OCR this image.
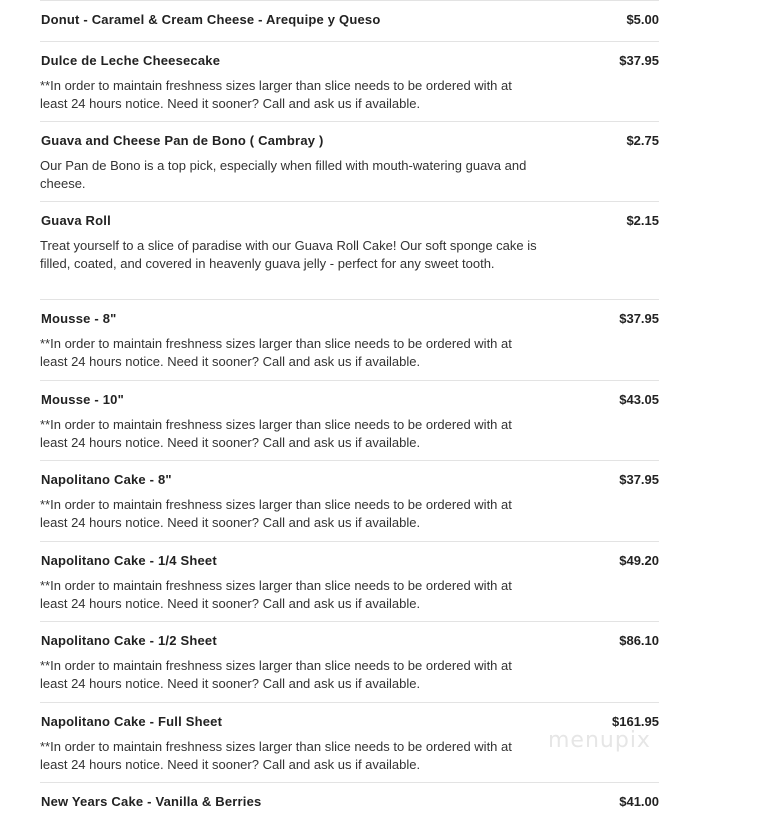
Donut - Caramel & Cream Cheese - Arequipe y Queso	$5.00
Dulce de Leche Cheesecake	$37.95
**In order to maintain freshness sizes larger than slice needs to be ordered with at least 24 hours notice. Need it sooner? Call and ask us if available.
Guava and Cheese Pan de Bono ( Cambray )	$2.75
Our Pan de Bono is a top pick, especially when filled with mouth-watering guava and cheese.
Guava Roll	$2.15
Treat yourself to a slice of paradise with our Guava Roll Cake! Our soft sponge cake is filled, coated, and covered in heavenly guava jelly - perfect for any sweet tooth.
Mousse - 8"	$37.95
**In order to maintain freshness sizes larger than slice needs to be ordered with at least 24 hours notice. Need it sooner? Call and ask us if available.
Mousse - 10"	$43.05
**In order to maintain freshness sizes larger than slice needs to be ordered with at least 24 hours notice. Need it sooner? Call and ask us if available.
Napolitano Cake - 8"	$37.95
**In order to maintain freshness sizes larger than slice needs to be ordered with at least 24 hours notice. Need it sooner? Call and ask us if available.
Napolitano Cake - 1/4 Sheet	$49.20
**In order to maintain freshness sizes larger than slice needs to be ordered with at least 24 hours notice. Need it sooner? Call and ask us if available.
Napolitano Cake - 1/2 Sheet	$86.10
**In order to maintain freshness sizes larger than slice needs to be ordered with at least 24 hours notice. Need it sooner? Call and ask us if available.
Napolitano Cake - Full Sheet	$161.95
**In order to maintain freshness sizes larger than slice needs to be ordered with at least 24 hours notice. Need it sooner? Call and ask us if available.
New Years Cake - Vanilla & Berries	$41.00
menupix
